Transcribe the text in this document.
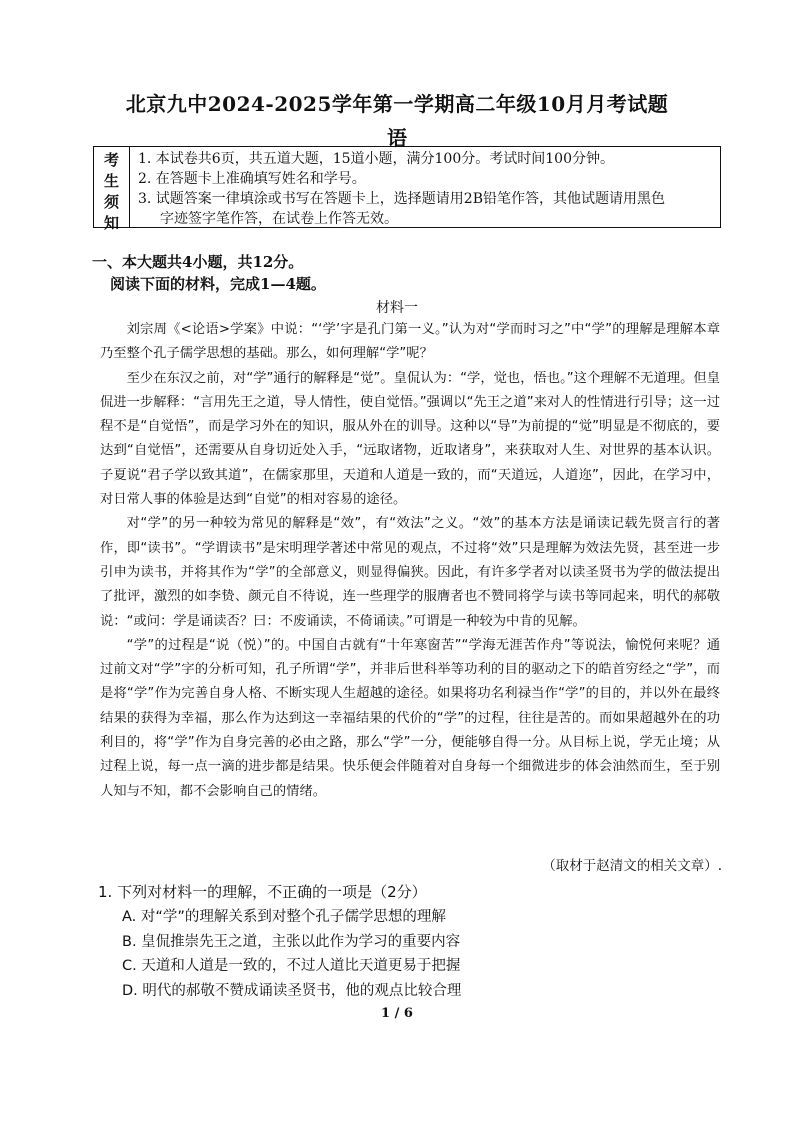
北京九中2024-2025学年第一学期高二年级10月月考试题
语
考
生
须
知
1. 本试卷共6页，共五道大题，15道小题，满分100分。考试时间100分钟。
2. 在答题卡上准确填写姓名和学号。
3. 试题答案一律填涂或书写在答题卡上，选择题请用2B铅笔作答，其他试题请用黑色
字迹签字笔作答，在试卷上作答无效。
一、本大题共4小题，共12分。
阅读下面的材料，完成1—4题。
材料一

刘宗周《<论语>学案》中说：“‘学’字是孔门第一义。”认为对“学而时习之”中“学”的理解是理解本章乃至整个孔子儒学思想的基础。那么，如何理解“学”呢？

至少在东汉之前，对“学”通行的解释是“觉”。皇侃认为：“学，觉也，悟也。”这个理解不无道理。但皇侃进一步解释：“言用先王之道，导人情性，使自觉悟。”强调以“先王之道”来对人的性情进行引导；这一过程不是“自觉悟”，而是学习外在的知识，服从外在的训导。这种以“导”为前提的“觉”明显是不彻底的，要达到“自觉悟”，还需要从自身切近处入手，“远取诸物，近取诸身”，来获取对人生、对世界的基本认识。子夏说“君子学以致其道”，在儒家那里，天道和人道是一致的，而“天道远，人道迩”，因此，在学习中，对日常人事的体验是达到“自觉”的相对容易的途径。

对“学”的另一种较为常见的解释是“效”，有“效法”之义。“效”的基本方法是诵读记载先贤言行的著作，即“读书”。“学谓读书”是宋明理学著述中常见的观点，不过将“效”只是理解为效法先贤，甚至进一步引申为读书，并将其作为“学”的全部意义，则显得偏狭。因此，有许多学者对以读圣贤书为学的做法提出了批评，激烈的如李贽、颜元自不待说，连一些理学的服膺者也不赞同将学与读书等同起来，明代的郝敬说：“或问：学是诵读否？曰：不废诵读，不倚诵读。”可谓是一种较为中肯的见解。

“学”的过程是“说（悦）”的。中国自古就有“十年寒窗苦”“学海无涯苦作舟”等说法，愉悦何来呢？通过前文对“学”字的分析可知，孔子所谓“学”，并非后世科举等功利的目的驱动之下的皓首穷经之“学”，而是将“学”作为完善自身人格、不断实现人生超越的途径。如果将功名利禄当作“学”的目的，并以外在最终结果的获得为幸福，那么作为达到这一幸福结果的代价的“学”的过程，往往是苦的。而如果超越外在的功利目的，将“学”作为自身完善的必由之路，那么“学”一分，便能够自得一分。从目标上说，学无止境；从过程上说，每一点一滴的进步都是结果。快乐便会伴随着对自身每一个细微进步的体会油然而生，至于别人知与不知，都不会影响自己的情绪。

（取材于赵清文的相关文章）.
1. 下列对材料一的理解，不正确的一项是（2分）
A. 对“学”的理解关系到对整个孔子儒学思想的理解
B. 皇侃推崇先王之道，主张以此作为学习的重要内容
C. 天道和人道是一致的，不过人道比天道更易于把握
D. 明代的郝敬不赞成诵读圣贤书，他的观点比较合理
1 / 6
